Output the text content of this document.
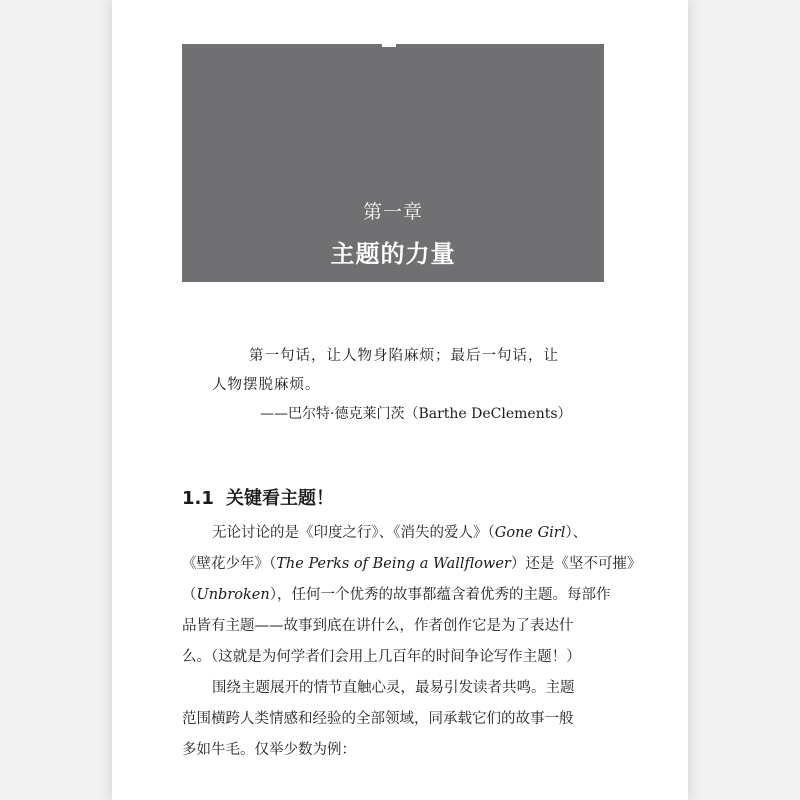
第一章
主题的力量
第一句话，让人物身陷麻烦；最后一句话，让
人物摆脱麻烦。
——巴尔特·德克莱门茨（Barthe DeClements）
1.1 关键看主题！
无论讨论的是《印度之行》、《消失的爱人》（Gone Girl）、
《壁花少年》（The Perks of Being a Wallflower）还是《坚不可摧》
（Unbroken），任何一个优秀的故事都蕴含着优秀的主题。每部作
品皆有主题——故事到底在讲什么，作者创作它是为了表达什
么。（这就是为何学者们会用上几百年的时间争论写作主题！）
围绕主题展开的情节直触心灵，最易引发读者共鸣。主题
范围横跨人类情感和经验的全部领域，同承载它们的故事一般
多如牛毛。仅举少数为例：
